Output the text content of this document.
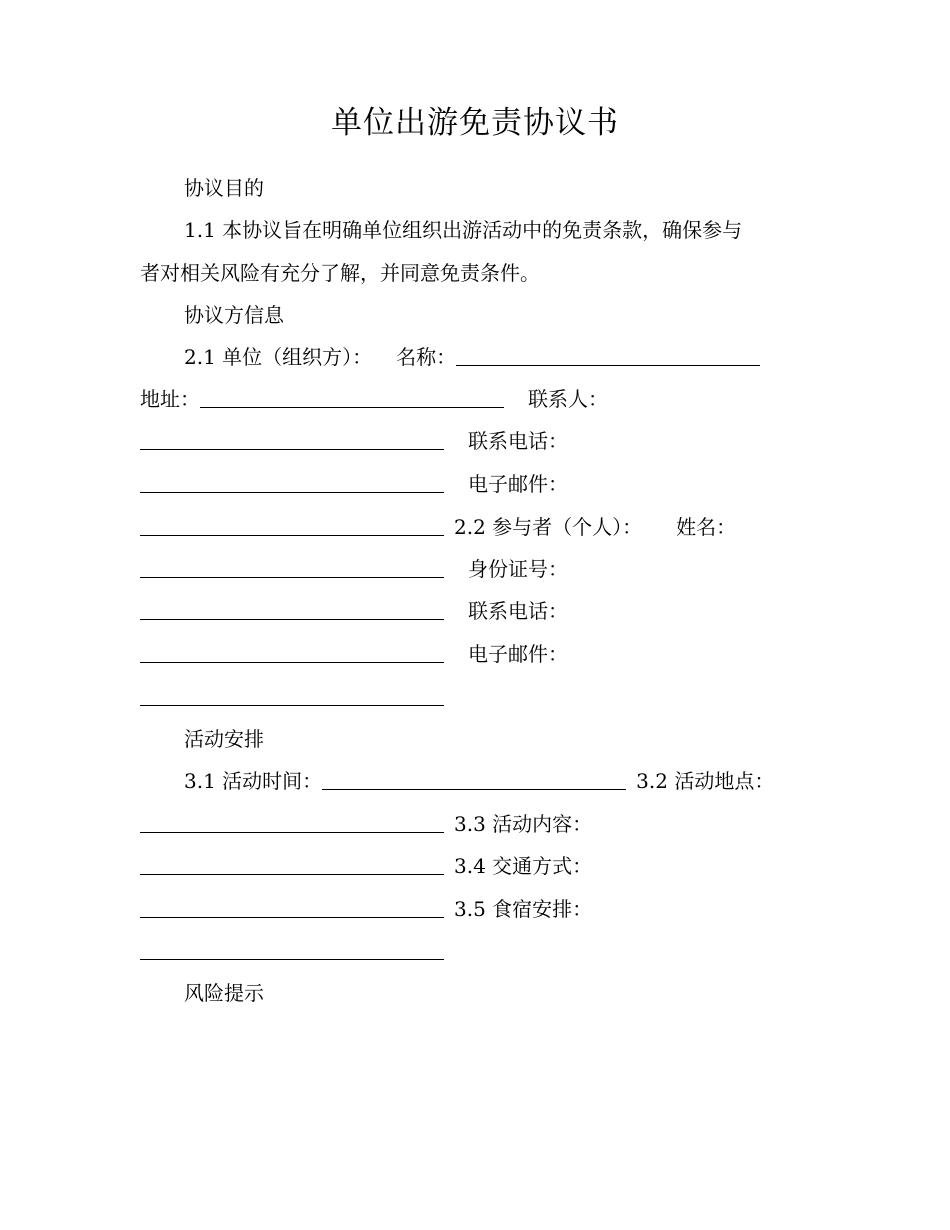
单位出游免责协议书
协议目的
1.1 本协议旨在明确单位组织出游活动中的免责条款，确保参与
者对相关风险有充分了解，并同意免责条件。
协议方信息
2.1 单位（组织方）： 名称：
地址：	联系人：
联系电话：
电子邮件：
2.2 参与者（个人）： 姓名：
身份证号：
联系电话：
电子邮件：
活动安排
3.1 活动时间：	3.2 活动地点：
3.3 活动内容：
3.4 交通方式：
3.5 食宿安排：
风险提示
